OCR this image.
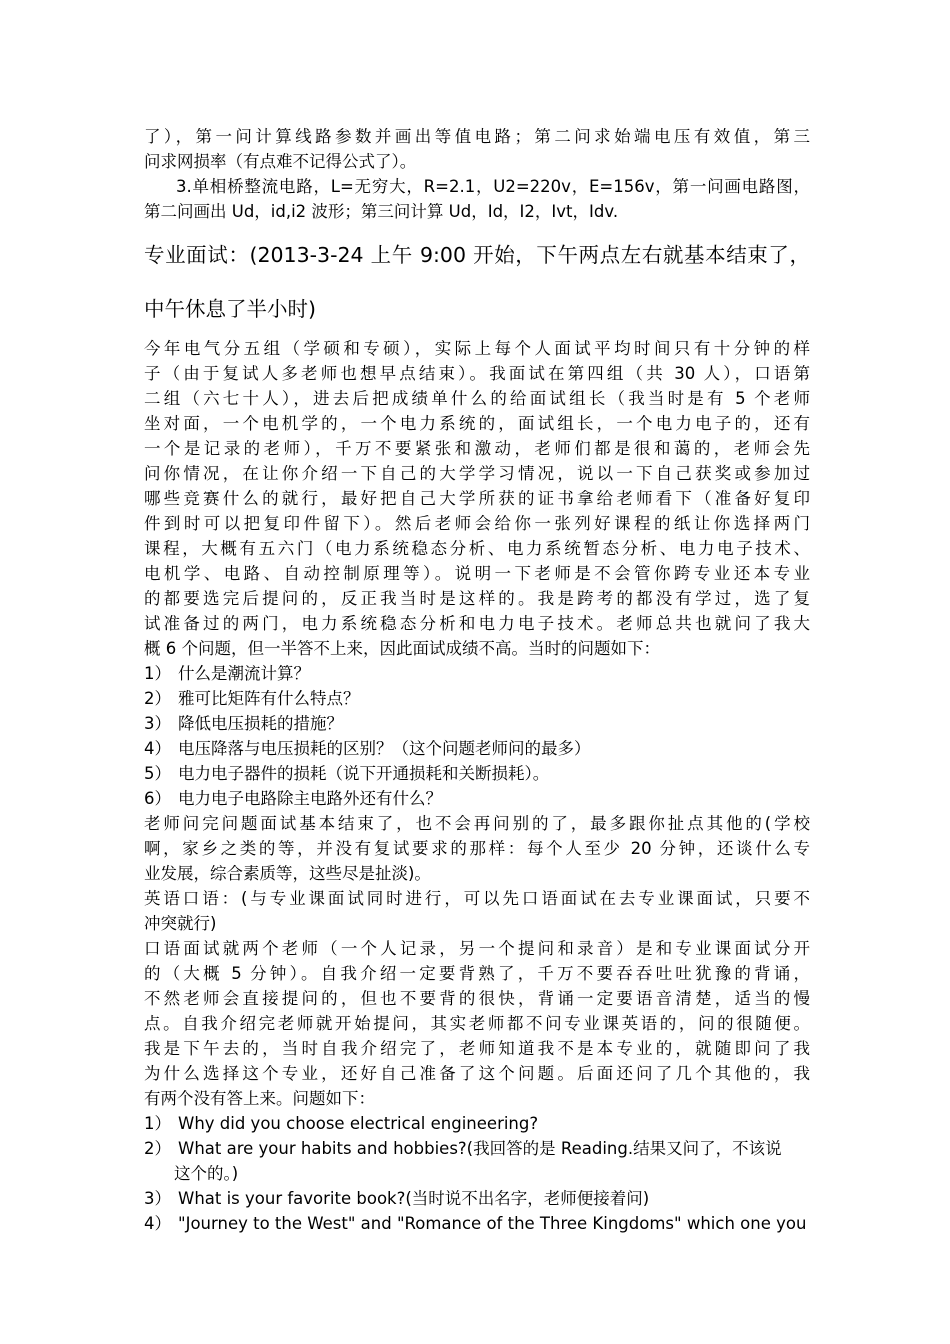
了），第一问计算线路参数并画出等值电路；第二问求始端电压有效值，第三
问求网损率（有点难不记得公式了）。
3.单相桥整流电路，L=无穷大，R=2.1，U2=220v，E=156v，第一问画电路图，
第二问画出 Ud，id,i2 波形；第三问计算 Ud，Id，I2，Ivt，Idv.
专业面试：(2013-3-24 上午 9:00 开始，下午两点左右就基本结束了，
中午休息了半小时)
今年电气分五组（学硕和专硕），实际上每个人面试平均时间只有十分钟的样
子（由于复试人多老师也想早点结束）。我面试在第四组（共 30 人），口语第
二组（六七十人），进去后把成绩单什么的给面试组长（我当时是有 5 个老师
坐对面，一个电机学的，一个电力系统的，面试组长，一个电力电子的，还有
一个是记录的老师），千万不要紧张和激动，老师们都是很和蔼的，老师会先
问你情况，在让你介绍一下自己的大学学习情况，说以一下自己获奖或参加过
哪些竞赛什么的就行，最好把自己大学所获的证书拿给老师看下（准备好复印
件到时可以把复印件留下）。然后老师会给你一张列好课程的纸让你选择两门
课程，大概有五六门（电力系统稳态分析、电力系统暂态分析、电力电子技术、
电机学、电路、自动控制原理等）。说明一下老师是不会管你跨专业还本专业
的都要选完后提问的，反正我当时是这样的。我是跨考的都没有学过，选了复
试准备过的两门，电力系统稳态分析和电力电子技术。老师总共也就问了我大
概 6 个问题，但一半答不上来，因此面试成绩不高。当时的问题如下：
1） 什么是潮流计算？
2） 雅可比矩阵有什么特点？
3） 降低电压损耗的措施？
4） 电压降落与电压损耗的区别？（这个问题老师问的最多）
5） 电力电子器件的损耗（说下开通损耗和关断损耗）。
6） 电力电子电路除主电路外还有什么？
老师问完问题面试基本结束了，也不会再问别的了，最多跟你扯点其他的(学校
啊，家乡之类的等，并没有复试要求的那样：每个人至少 20 分钟，还谈什么专
业发展，综合素质等，这些尽是扯淡)。
英语口语：(与专业课面试同时进行，可以先口语面试在去专业课面试，只要不
冲突就行)
口语面试就两个老师（一个人记录，另一个提问和录音）是和专业课面试分开
的（大概 5 分钟）。自我介绍一定要背熟了，千万不要吞吞吐吐犹豫的背诵，
不然老师会直接提问的，但也不要背的很快，背诵一定要语音清楚，适当的慢
点。自我介绍完老师就开始提问，其实老师都不问专业课英语的，问的很随便。
我是下午去的，当时自我介绍完了，老师知道我不是本专业的，就随即问了我
为什么选择这个专业，还好自己准备了这个问题。后面还问了几个其他的，我
有两个没有答上来。问题如下：
1） Why did you choose electrical engineering?
2） What are your habits and hobbies?(我回答的是 Reading.结果又问了，不该说
这个的。)
3） What is your favorite book?(当时说不出名字，老师便接着问)
4） "Journey to the West" and "Romance of the Three Kingdoms" which one you
